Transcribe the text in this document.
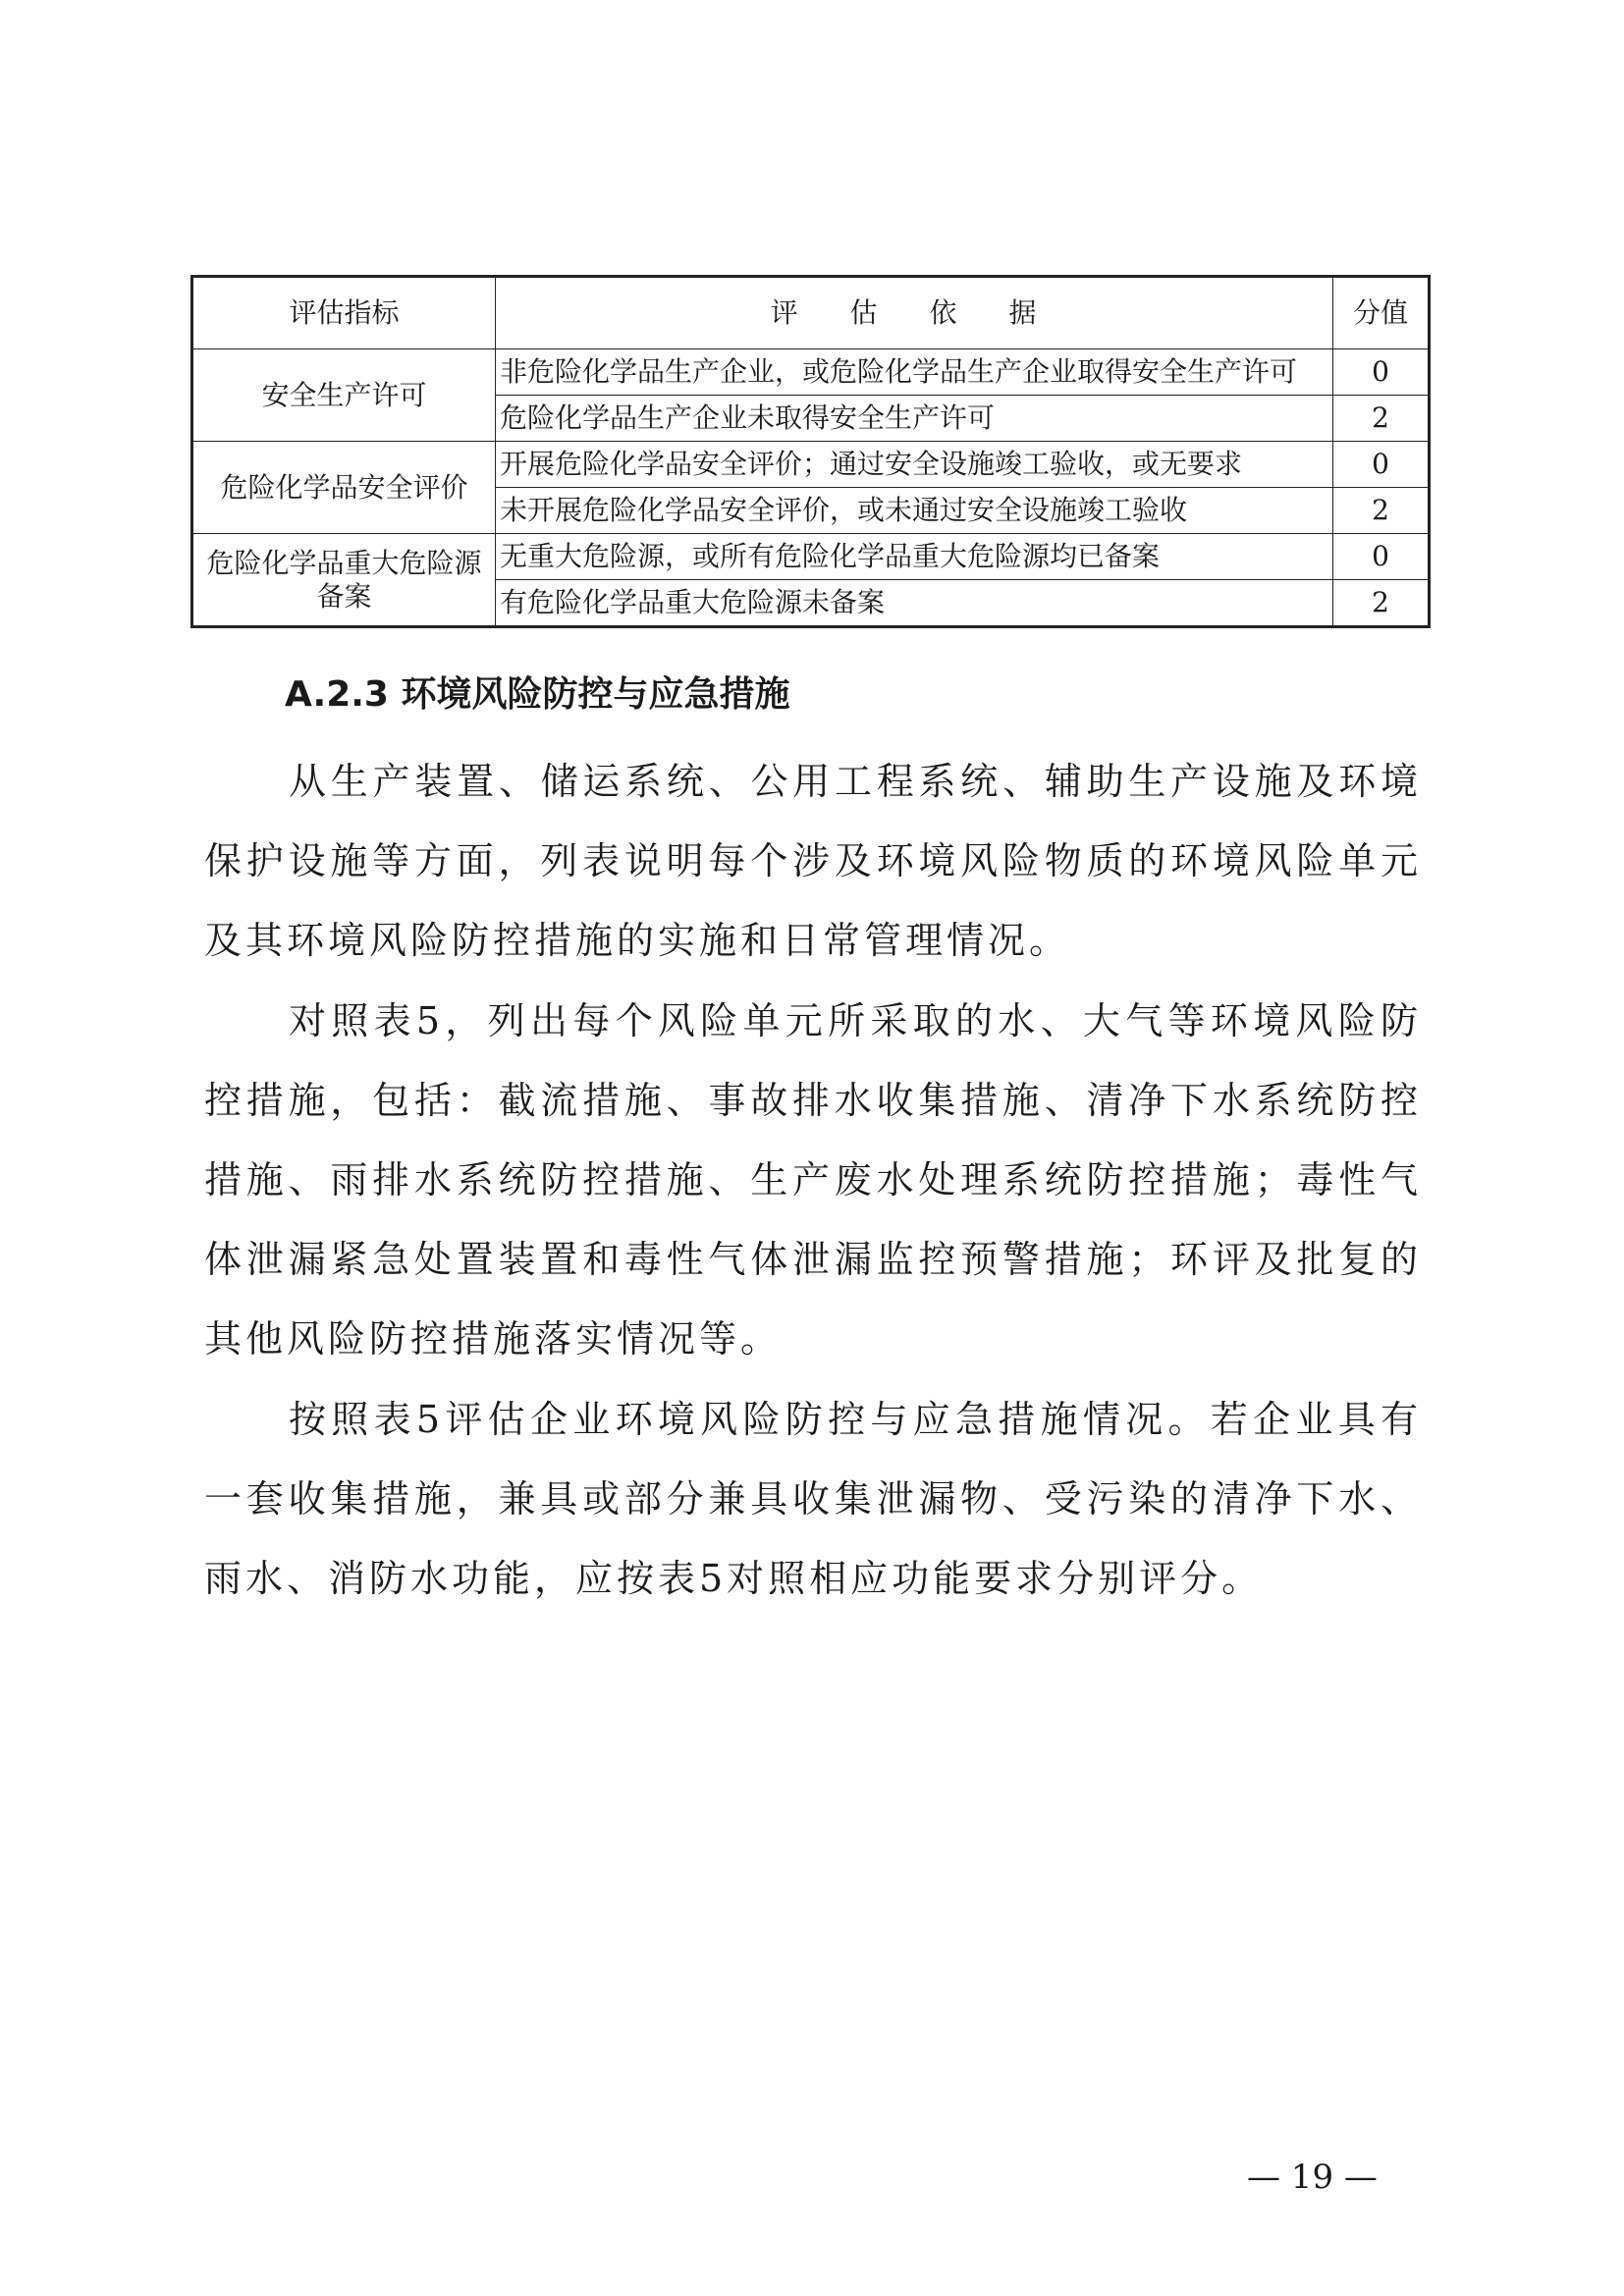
评估指标	评 估 依 据	分值
安全生产许可	非危险化学品生产企业，或危险化学品生产企业取得安全生产许可	0
	危险化学品生产企业未取得安全生产许可	2
危险化学品安全评价	开展危险化学品安全评价；通过安全设施竣工验收，或无要求	0
	未开展危险化学品安全评价，或未通过安全设施竣工验收	2
危险化学品重大危险源备案	无重大危险源，或所有危险化学品重大危险源均已备案	0
	有危险化学品重大危险源未备案	2
A.2.3 环境风险防控与应急措施

从生产装置、储运系统、公用工程系统、辅助生产设施及环境保护设施等方面，列表说明每个涉及环境风险物质的环境风险单元及其环境风险防控措施的实施和日常管理情况。

对照表5，列出每个风险单元所采取的水、大气等环境风险防控措施，包括：截流措施、事故排水收集措施、清净下水系统防控措施、雨排水系统防控措施、生产废水处理系统防控措施；毒性气体泄漏紧急处置装置和毒性气体泄漏监控预警措施；环评及批复的其他风险防控措施落实情况等。

按照表5评估企业环境风险防控与应急措施情况。若企业具有一套收集措施，兼具或部分兼具收集泄漏物、受污染的清净下水、雨水、消防水功能，应按表5对照相应功能要求分别评分。

— 19 —
